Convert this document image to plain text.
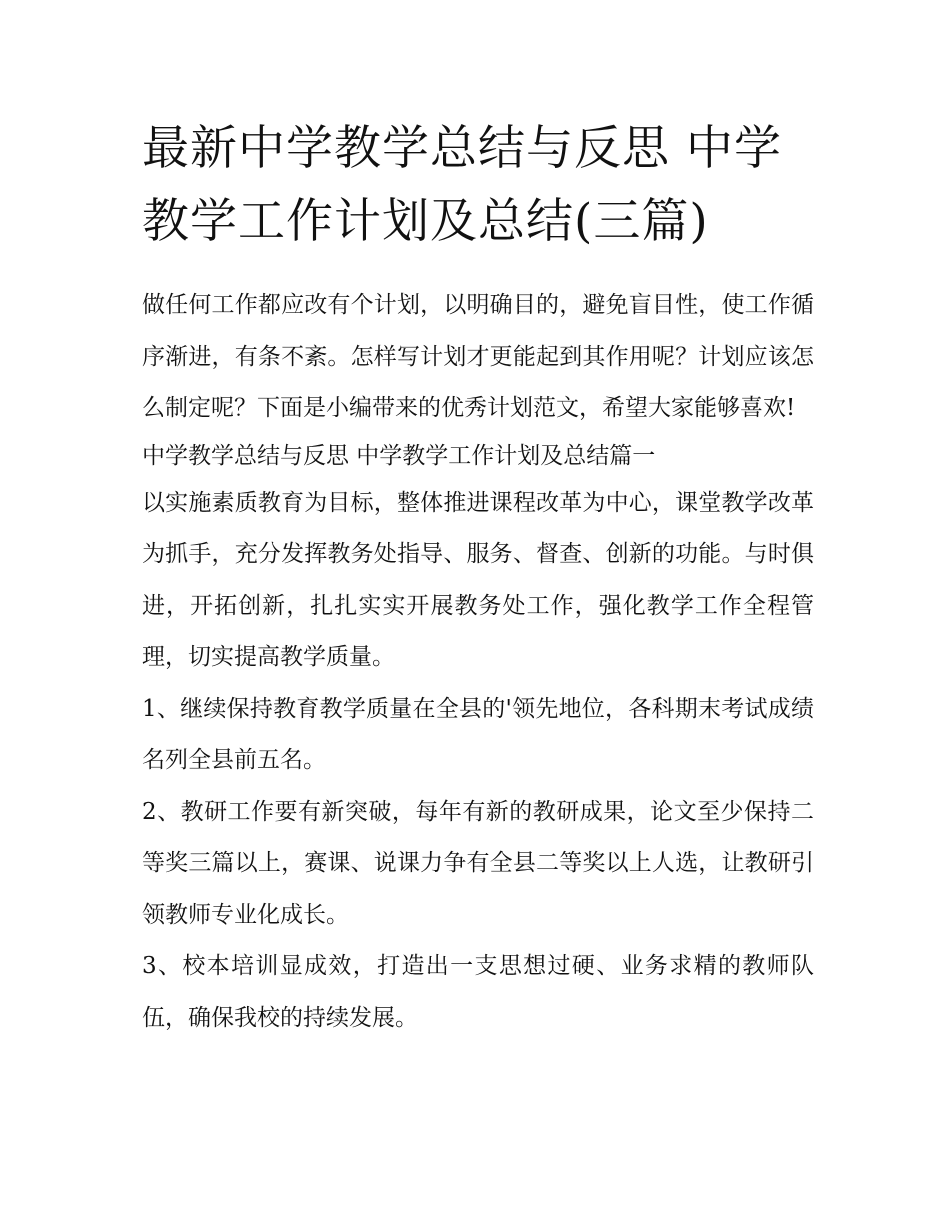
最新中学教学总结与反思 中学教学工作计划及总结(三篇)

做任何工作都应改有个计划，以明确目的，避免盲目性，使工作循序渐进，有条不紊。怎样写计划才更能起到其作用呢？计划应该怎么制定呢？下面是小编带来的优秀计划范文，希望大家能够喜欢!

中学教学总结与反思 中学教学工作计划及总结篇一

以实施素质教育为目标，整体推进课程改革为中心，课堂教学改革为抓手，充分发挥教务处指导、服务、督查、创新的功能。与时俱进，开拓创新，扎扎实实开展教务处工作，强化教学工作全程管理，切实提高教学质量。

1、继续保持教育教学质量在全县的'领先地位，各科期末考试成绩名列全县前五名。

2、教研工作要有新突破，每年有新的教研成果，论文至少保持二等奖三篇以上，赛课、说课力争有全县二等奖以上人选，让教研引领教师专业化成长。

3、校本培训显成效，打造出一支思想过硬、业务求精的教师队伍，确保我校的持续发展。
